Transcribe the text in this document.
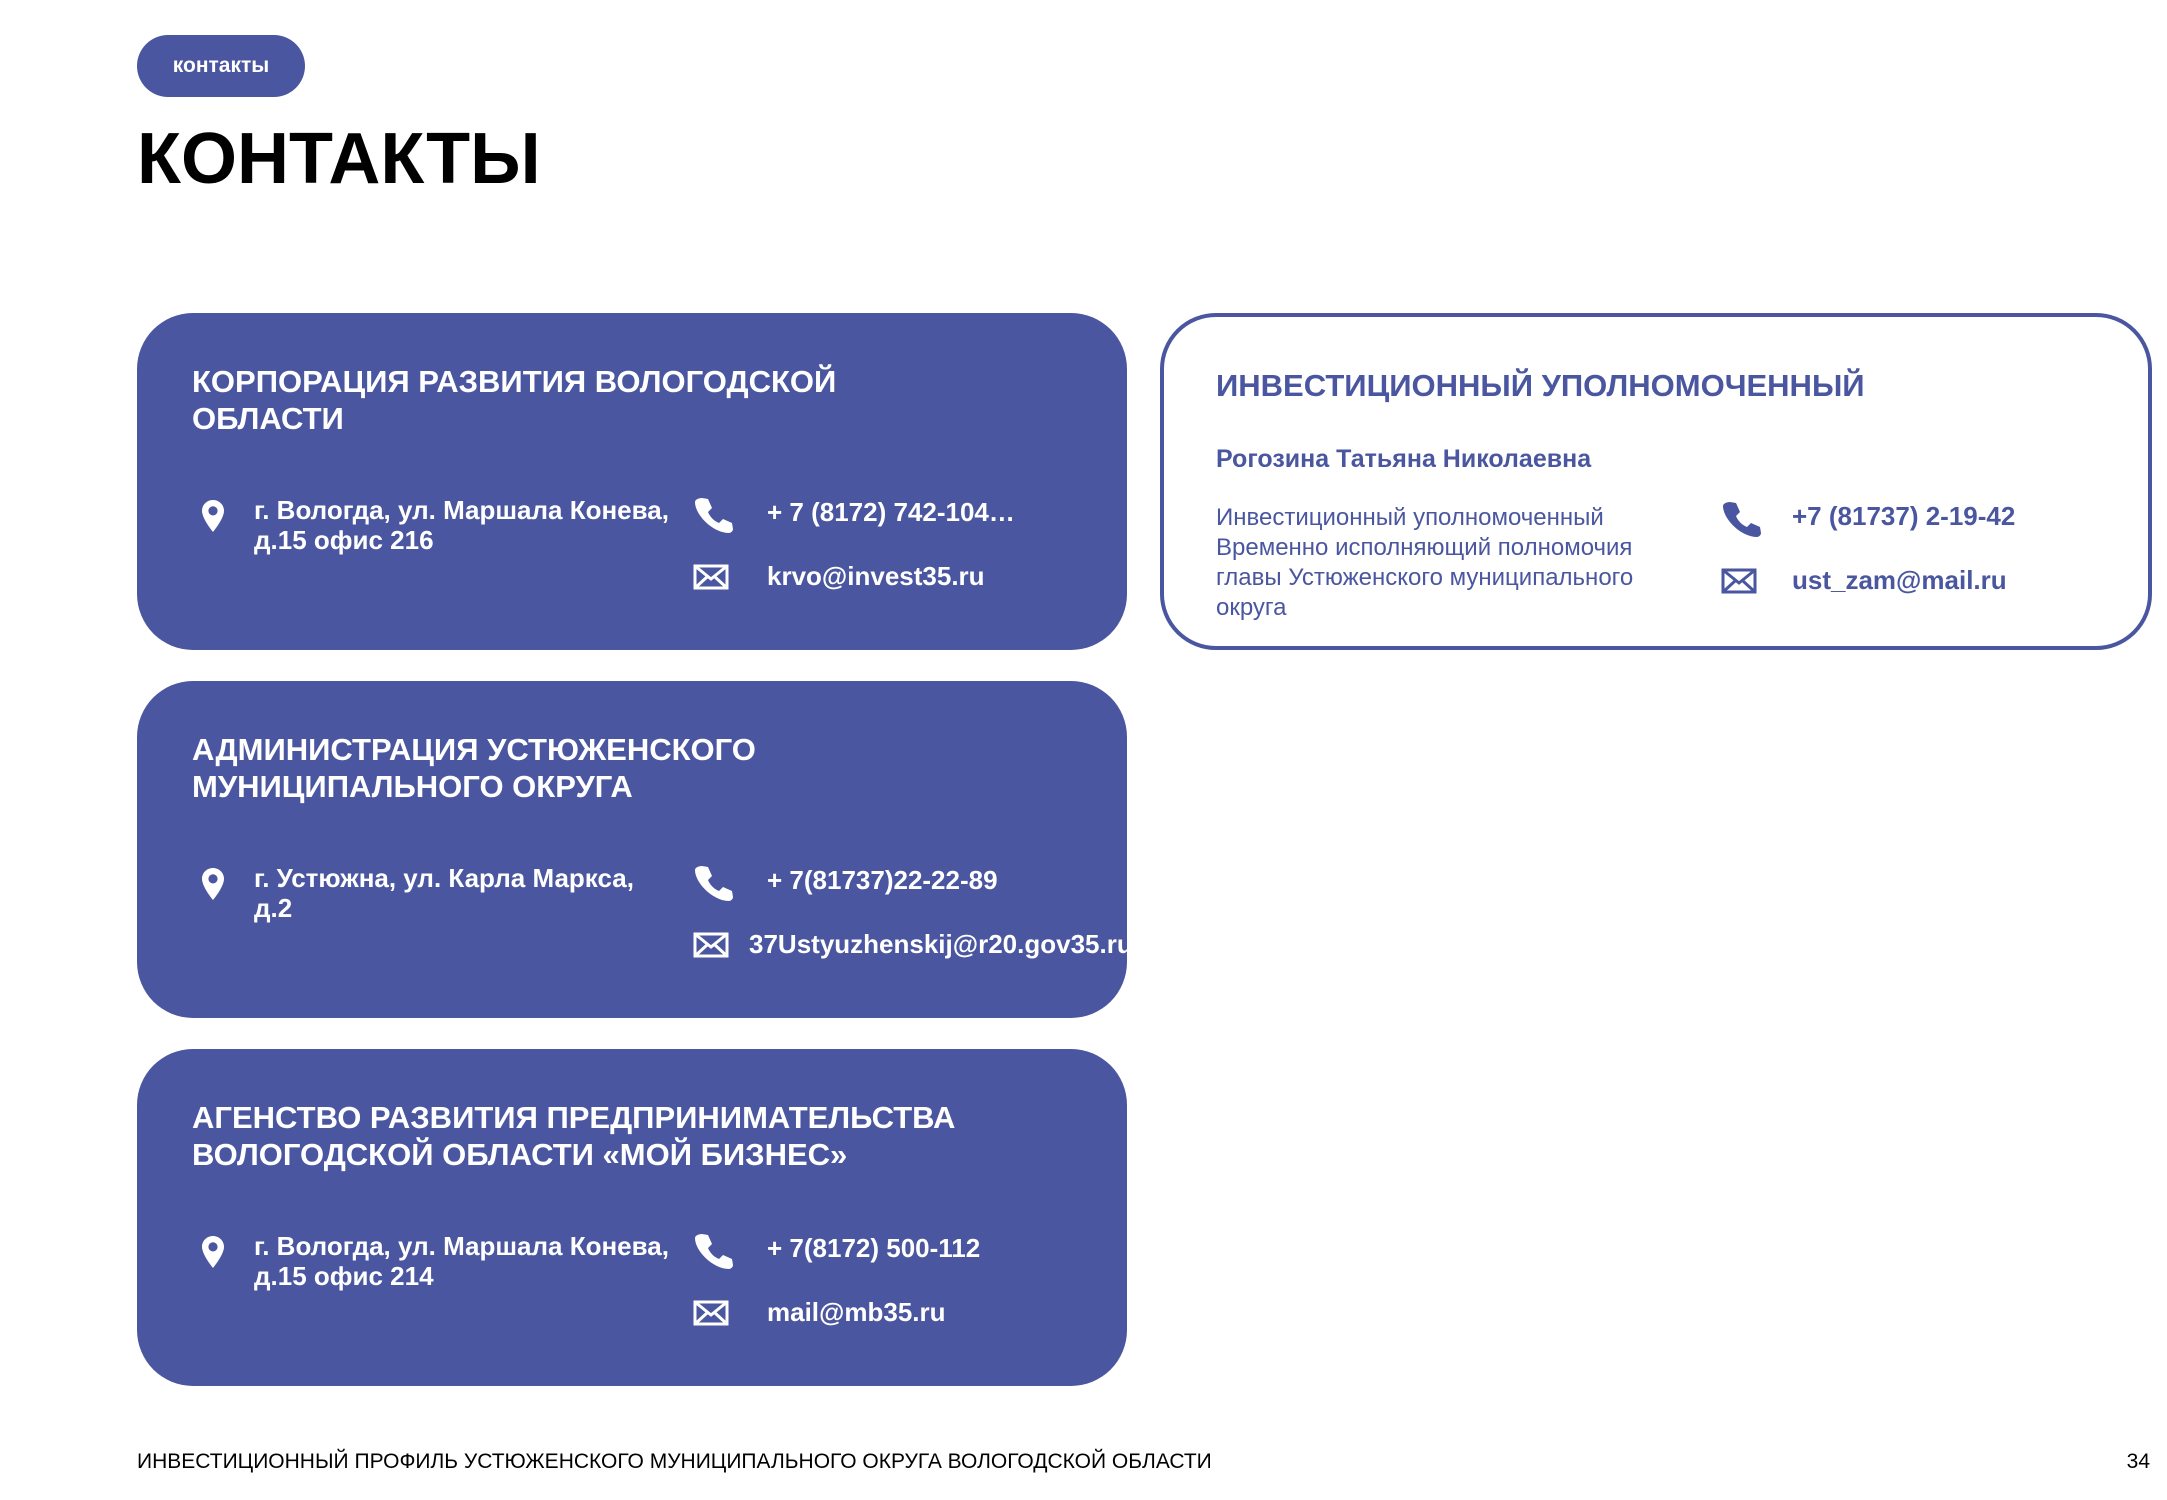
контакты
КОНТАКТЫ
КОРПОРАЦИЯ РАЗВИТИЯ ВОЛОГОДСКОЙ ОБЛАСТИ
г. Вологда, ул. Маршала Конева, д.15 офис 216
+ 7 (8172) 742-104…
krvo@invest35.ru
АДМИНИСТРАЦИЯ УСТЮЖЕНСКОГО МУНИЦИПАЛЬНОГО ОКРУГА
г. Устюжна, ул. Карла Маркса, д.2
+ 7(81737)22-22-89
37Ustyuzhenskij@r20.gov35.ru
АГЕНСТВО РАЗВИТИЯ ПРЕДПРИНИМАТЕЛЬСТВА ВОЛОГОДСКОЙ ОБЛАСТИ «МОЙ БИЗНЕС»
г. Вологда, ул. Маршала Конева, д.15 офис 214
+ 7(8172) 500-112
mail@mb35.ru
ИНВЕСТИЦИОННЫЙ УПОЛНОМОЧЕННЫЙ
Рогозина Татьяна Николаевна
Инвестиционный уполномоченный Временно исполняющий полномочия главы Устюженского муниципального округа
+7 (81737) 2-19-42
ust_zam@mail.ru
ИНВЕСТИЦИОННЫЙ ПРОФИЛЬ УСТЮЖЕНСКОГО МУНИЦИПАЛЬНОГО ОКРУГА ВОЛОГОДСКОЙ ОБЛАСТИ	34
